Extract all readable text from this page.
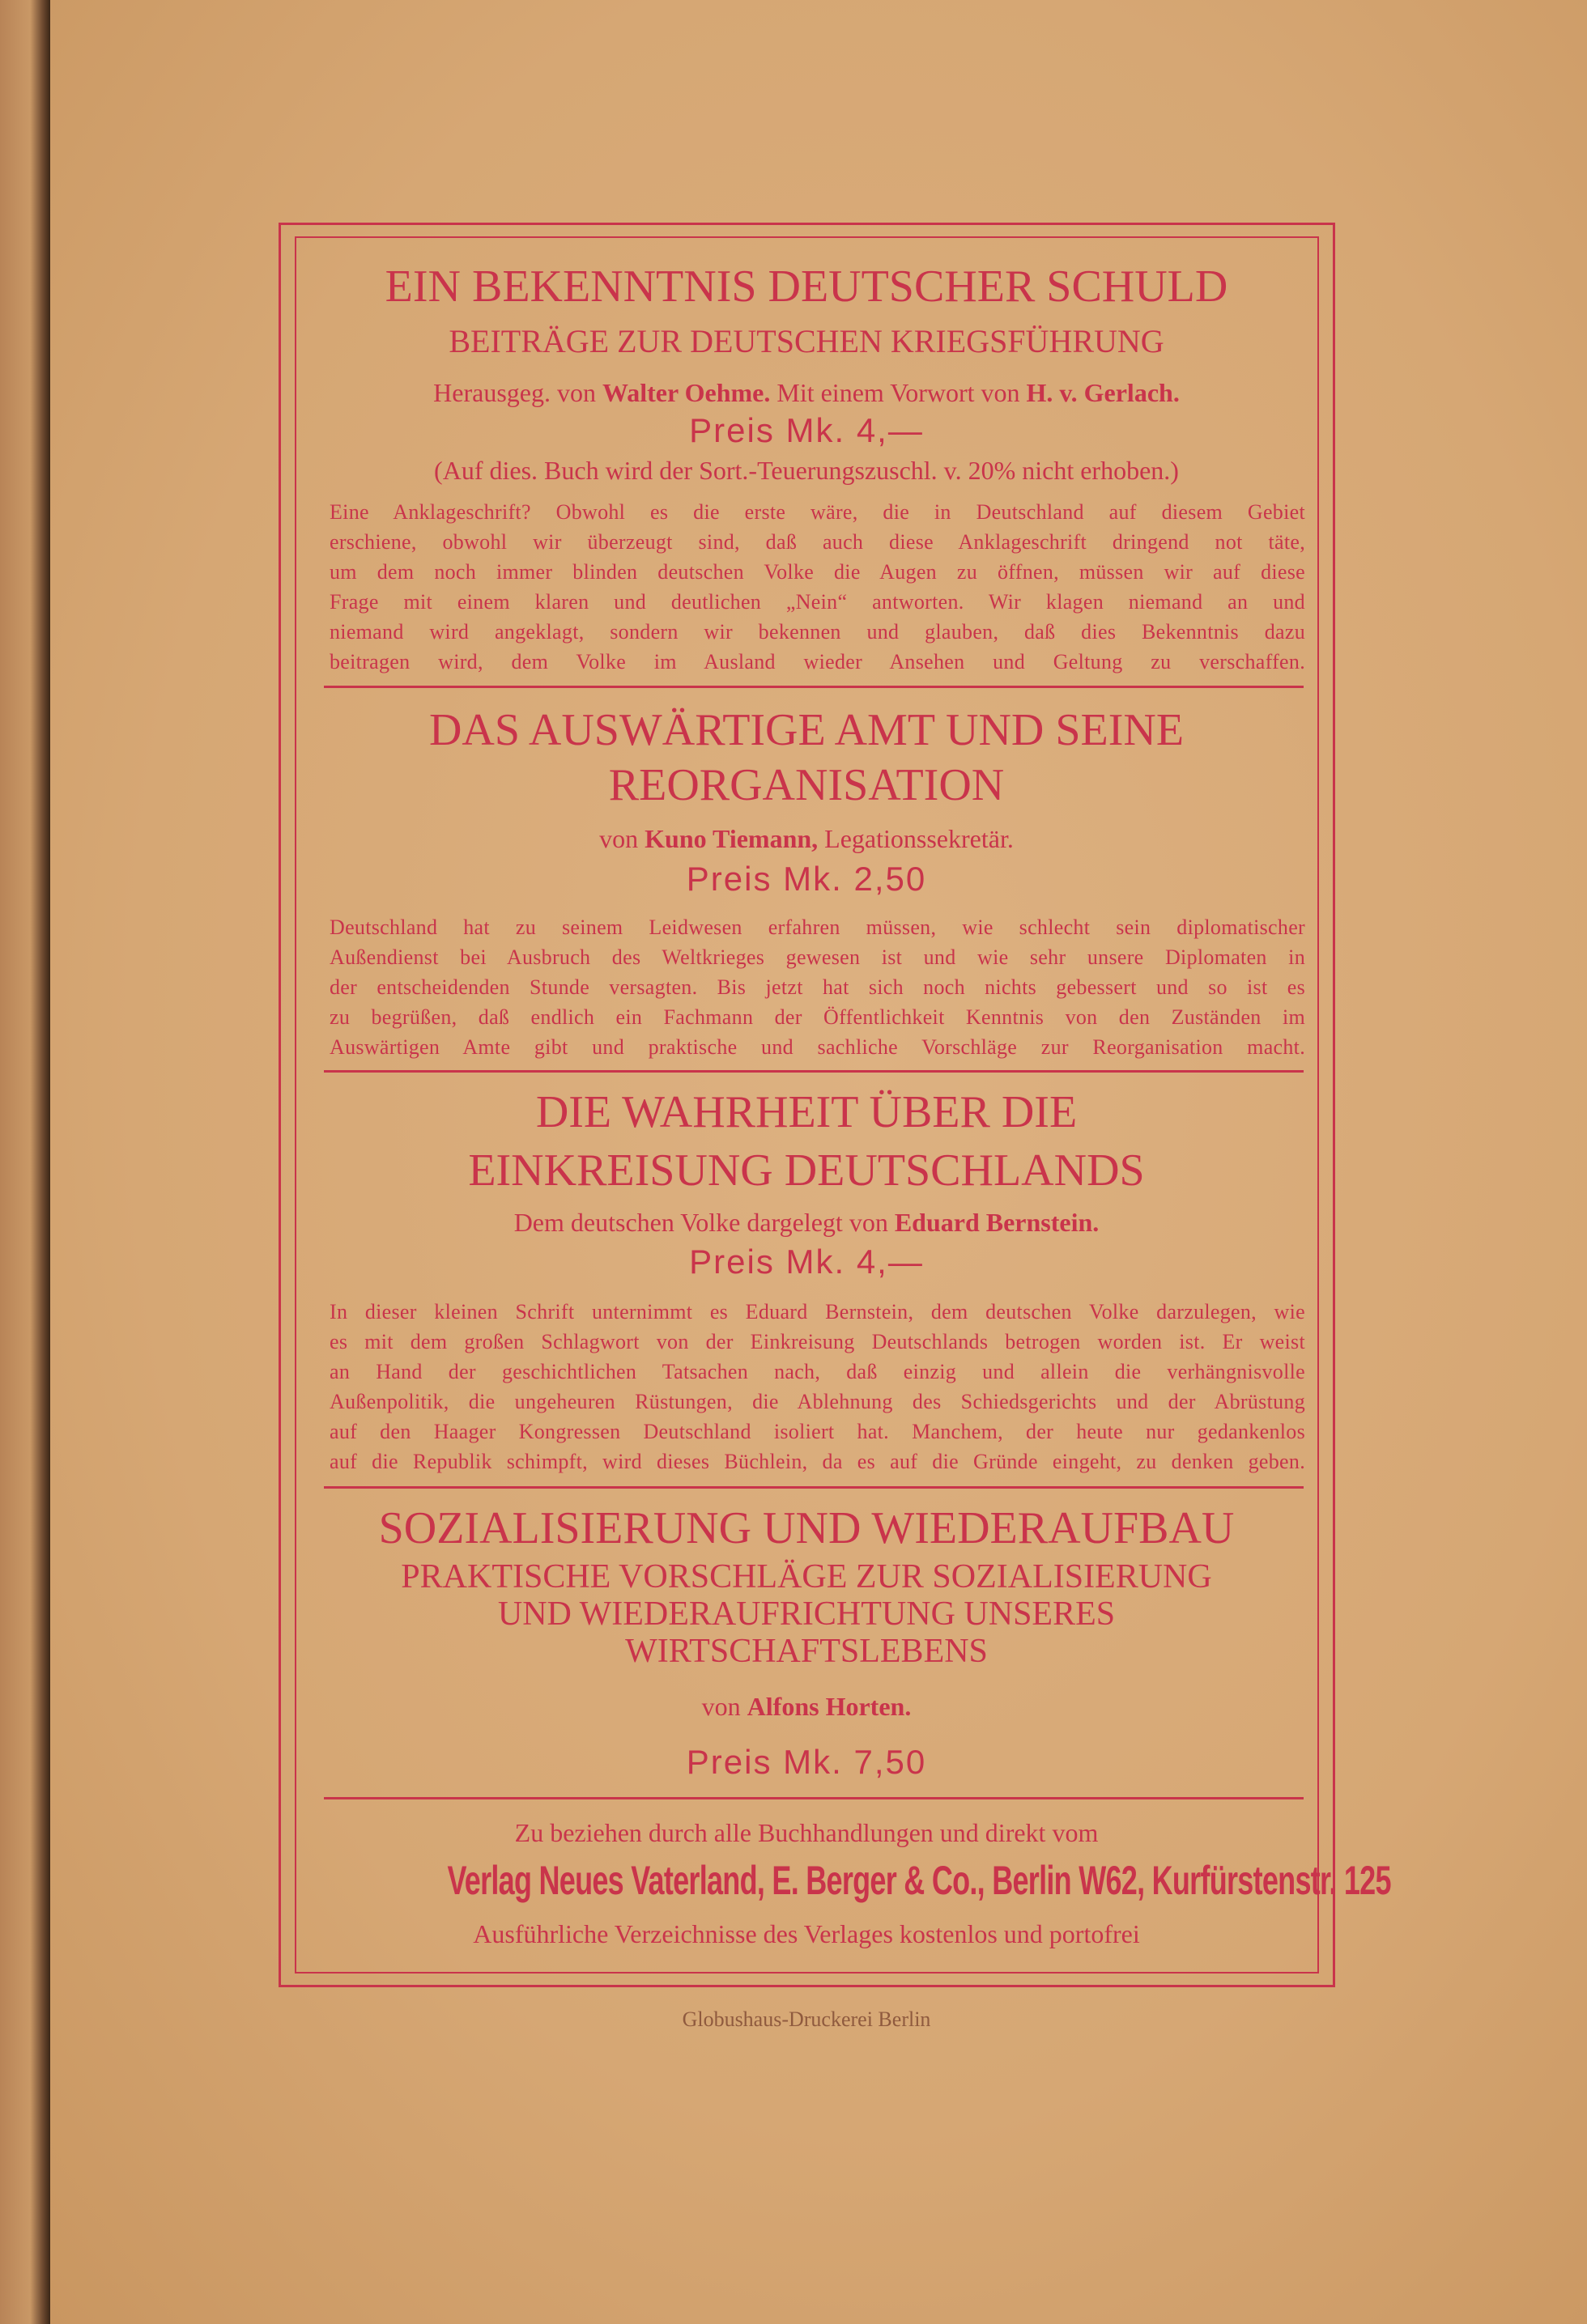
EIN BEKENNTNIS DEUTSCHER SCHULD
BEITRÄGE ZUR DEUTSCHEN KRIEGSFÜHRUNG
Herausgeg. von Walter Oehme. Mit einem Vorwort von H. v. Gerlach.
Preis Mk. 4,—
(Auf dies. Buch wird der Sort.-Teuerungszuschl. v. 20% nicht erhoben.)
Eine Anklageschrift? Obwohl es die erste wäre, die in Deutschland auf diesem Gebiet
erschiene, obwohl wir überzeugt sind, daß auch diese Anklageschrift dringend not täte,
um dem noch immer blinden deutschen Volke die Augen zu öffnen, müssen wir auf diese
Frage mit einem klaren und deutlichen „Nein“ antworten. Wir klagen niemand an und
niemand wird angeklagt, sondern wir bekennen und glauben, daß dies Bekenntnis dazu
beitragen wird, dem Volke im Ausland wieder Ansehen und Geltung zu verschaffen.
DAS AUSWÄRTIGE AMT UND SEINE
REORGANISATION
von Kuno Tiemann, Legationssekretär.
Preis Mk. 2,50
Deutschland hat zu seinem Leidwesen erfahren müssen, wie schlecht sein diplomatischer
Außendienst bei Ausbruch des Weltkrieges gewesen ist und wie sehr unsere Diplomaten in
der entscheidenden Stunde versagten. Bis jetzt hat sich noch nichts gebessert und so ist es
zu begrüßen, daß endlich ein Fachmann der Öffentlichkeit Kenntnis von den Zuständen im
Auswärtigen Amte gibt und praktische und sachliche Vorschläge zur Reorganisation macht.
DIE WAHRHEIT ÜBER DIE
EINKREISUNG DEUTSCHLANDS
Dem deutschen Volke dargelegt von Eduard Bernstein.
Preis Mk. 4,—
In dieser kleinen Schrift unternimmt es Eduard Bernstein, dem deutschen Volke darzulegen, wie
es mit dem großen Schlagwort von der Einkreisung Deutschlands betrogen worden ist. Er weist
an Hand der geschichtlichen Tatsachen nach, daß einzig und allein die verhängnisvolle
Außenpolitik, die ungeheuren Rüstungen, die Ablehnung des Schiedsgerichts und der Abrüstung
auf den Haager Kongressen Deutschland isoliert hat. Manchem, der heute nur gedankenlos
auf die Republik schimpft, wird dieses Büchlein, da es auf die Gründe eingeht, zu denken geben.
SOZIALISIERUNG UND WIEDERAUFBAU
PRAKTISCHE VORSCHLÄGE ZUR SOZIALISIERUNG
UND WIEDERAUFRICHTUNG UNSERES
WIRTSCHAFTSLEBENS
von Alfons Horten.
Preis Mk. 7,50
Zu beziehen durch alle Buchhandlungen und direkt vom
Verlag Neues Vaterland, E. Berger & Co., Berlin W62, Kurfürstenstr. 125
Ausführliche Verzeichnisse des Verlages kostenlos und portofrei
Globushaus-Druckerei Berlin
